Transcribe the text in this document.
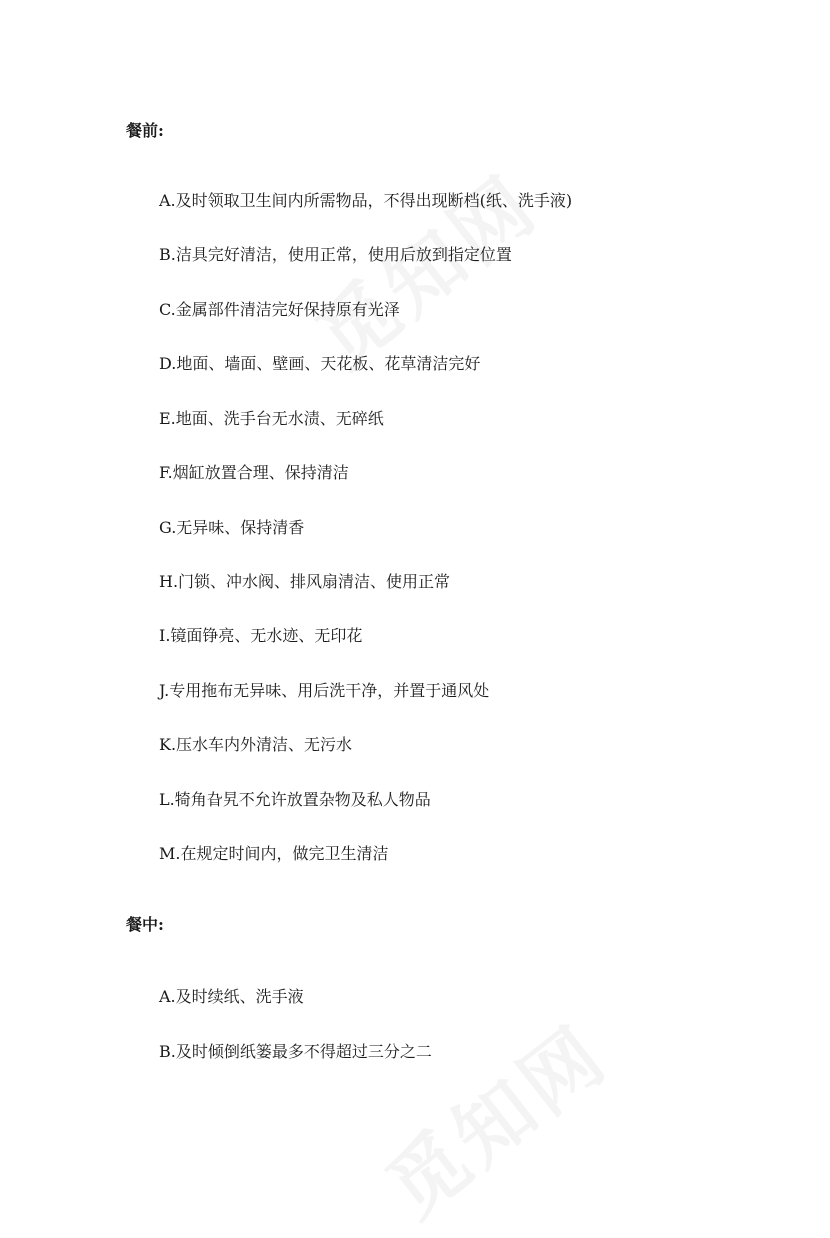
餐前:

A.及时领取卫生间内所需物品，不得出现断档(纸、洗手液)

B.洁具完好清洁，使用正常，使用后放到指定位置

C.金属部件清洁完好保持原有光泽

D.地面、墙面、壁画、天花板、花草清洁完好

E.地面、洗手台无水渍、无碎纸

F.烟缸放置合理、保持清洁

G.无异味、保持清香

H.门锁、冲水阀、排风扇清洁、使用正常

I.镜面铮亮、无水迹、无印花

J.专用拖布无异味、用后洗干净，并置于通风处

K.压水车内外清洁、无污水

L.犄角旮旯不允许放置杂物及私人物品

M.在规定时间内，做完卫生清洁

餐中:

A.及时续纸、洗手液

B.及时倾倒纸篓最多不得超过三分之二
